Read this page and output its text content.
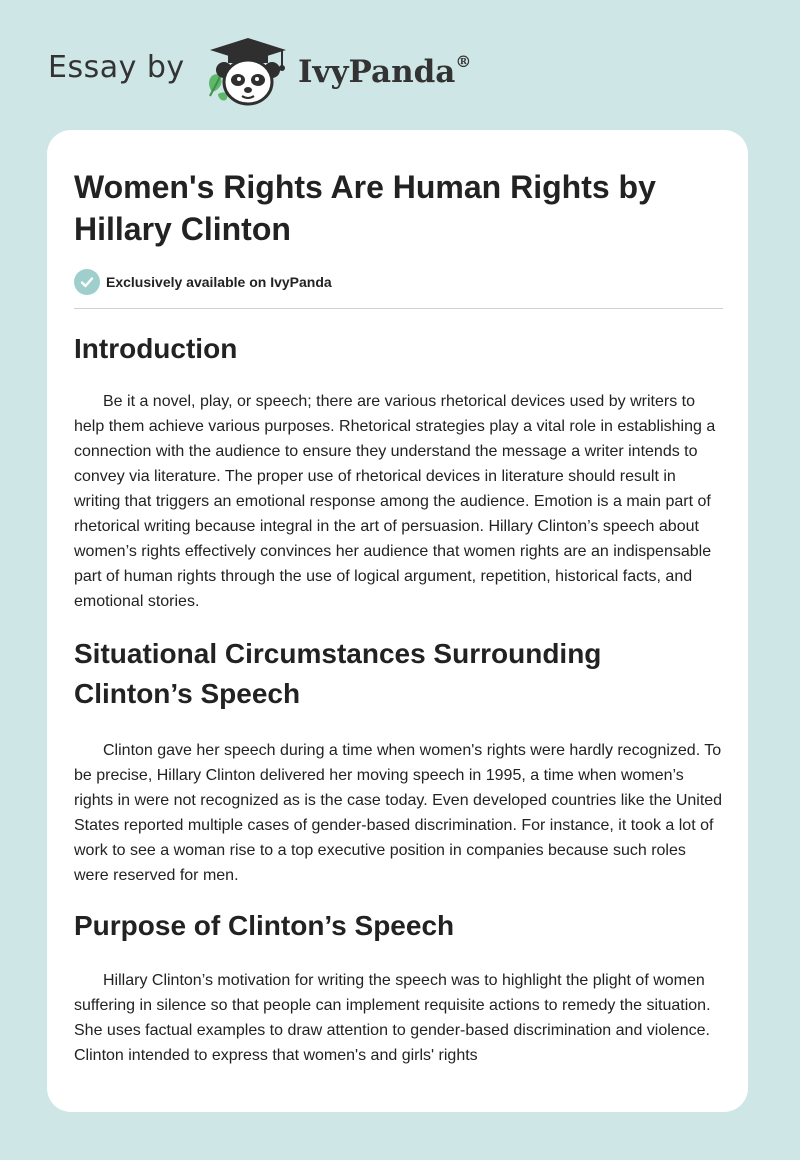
Essay by	IvyPanda®
Women's Rights Are Human Rights by Hillary Clinton
Exclusively available on IvyPanda
Introduction

Be it a novel, play, or speech; there are various rhetorical devices used by writers to help them achieve various purposes. Rhetorical strategies play a vital role in establishing a connection with the audience to ensure they understand the message a writer intends to convey via literature. The proper use of rhetorical devices in literature should result in writing that triggers an emotional response among the audience. Emotion is a main part of rhetorical writing because integral in the art of persuasion. Hillary Clinton’s speech about women’s rights effectively convinces her audience that women rights are an indispensable part of human rights through the use of logical argument, repetition, historical facts, and emotional stories.

Situational Circumstances Surrounding Clinton’s Speech

Clinton gave her speech during a time when women's rights were hardly recognized. To be precise, Hillary Clinton delivered her moving speech in 1995, a time when women’s rights in were not recognized as is the case today. Even developed countries like the United States reported multiple cases of gender-based discrimination. For instance, it took a lot of work to see a woman rise to a top executive position in companies because such roles were reserved for men.

Purpose of Clinton’s Speech

Hillary Clinton’s motivation for writing the speech was to highlight the plight of women suffering in silence so that people can implement requisite actions to remedy the situation. She uses factual examples to draw attention to gender-based discrimination and violence. Clinton intended to express that women's and girls' rights
